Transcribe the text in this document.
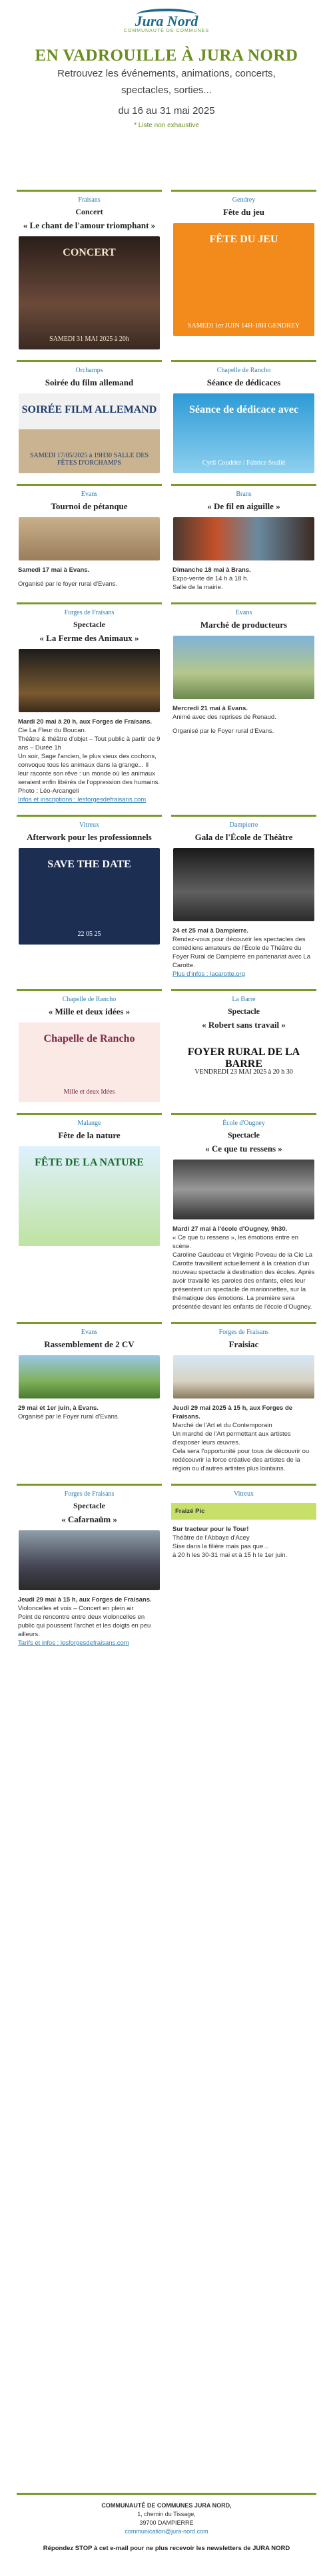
Jura Nord
COMMUNAUTÉ DE COMMUNES
EN VADROUILLE À JURA NORD

Retrouvez les événements, animations, concerts,

spectacles, sorties...

du 16 au 31 mai 2025

* Liste non exhaustive
Fraisans
Concert
« Le chant de l'amour triomphant »
CONCERT
SAMEDI 31 MAI 2025 à 20h
Gendrey
Fête du jeu
FÊTE DU JEU
SAMEDI 1er JUIN 14H-18H GENDREY
Orchamps
Soirée du film allemand
SOIRÉE FILM ALLEMAND
SAMEDI 17/05/2025 à 19H30 SALLE DES FÊTES D'ORCHAMPS
Chapelle de Rancho
Séance de dédicaces
Séance de dédicace avec
Cyril Coudrier / Fabrice Soulié
Evans
Tournoi de pétanque
Samedi 17 mai à Evans.
Organisé par le foyer rural d'Evans.
Brans
« De fil en aiguille »
Dimanche 18 mai à Brans.
Expo-vente de 14 h à 18 h.
Salle de la mairie.
Forges de Fraisans
Spectacle
« La Ferme des Animaux »
Mardi 20 mai à 20 h, aux Forges de Fraisans.
Cie La Fleur du Boucan.
Théâtre & théâtre d'objet – Tout public à partir de 9 ans – Durée 1h
Un soir, Sage l'ancien, le plus vieux des cochons, convoque tous les animaux dans la grange... Il leur raconte son rêve : un monde où les animaux seraient enfin libérés de l'oppression des humains.
Photo : Léo-Arcangeli
Infos et inscriptions : lesforgesdefraisans.com
Evans
Marché de producteurs
Mercredi 21 mai à Evans.
Animé avec des reprises de Renaud.
Organisé par le Foyer rural d'Evans.
Vitreux
Afterwork pour les professionnels
SAVE THE DATE
22 05 25
Dampierre
Gala de l'École de Théâtre
24 et 25 mai à Dampierre.
Rendez-vous pour découvrir les spectacles des comédiens amateurs de l'École de Théâtre du Foyer Rural de Dampierre en partenariat avec La Carotte.
Plus d'infos : lacarotte.org
Chapelle de Rancho
« Mille et deux idées »
Chapelle de Rancho
Mille et deux Idées
La Barre
Spectacle
« Robert sans travail »
FOYER RURAL DE LA BARRE
VENDREDI 23 MAI 2025 à 20 h 30
Malange
Fête de la nature
FÊTE DE LA NATURE
École d'Ougney
Spectacle
« Ce que tu ressens »
Mardi 27 mai à l'école d'Ougney, 9h30.
« Ce que tu ressens », les émotions entre en scène.
Caroline Gaudeau et Virginie Poveau de la Cie La Carotte travaillent actuellement à la création d'un nouveau spectacle à destination des écoles. Après avoir travaillé les paroles des enfants, elles leur présentent un spectacle de marionnettes, sur la thématique des émotions. La première sera présentée devant les enfants de l'école d'Ougney.
Evans
Rassemblement de 2 CV
29 mai et 1er juin, à Evans.
Organisé par le Foyer rural d'Evans.
Forges de Fraisans
Fraisiac
Jeudi 29 mai 2025 à 15 h, aux Forges de Fraisans.
Marché de l'Art et du Contemporain
Un marché de l'Art permettant aux artistes d'exposer leurs œuvres.
Cela sera l'opportunité pour tous de découvrir ou redécouvrir la force créative des artistes de la région ou d'autres artistes plus lointains.
Forges de Fraisans
Spectacle
« Cafarnaüm »
Jeudi 29 mai à 15 h, aux Forges de Fraisans.
Violoncelles et voix – Concert en plein air
Point de rencontre entre deux violoncelles en public qui poussent l'archet et les doigts en peu ailleurs.
Tarifs et infos : lesforgesdefraisans.com
Vitreux
Fraizé Pic
Sur tracteur pour le Tour!
Théâtre de l'Abbaye d'Acey
Sise dans la filière mais pas que...
à 20 h les 30-31 mai et à 15 h le 1er juin.
COMMUNAUTÉ DE COMMUNES JURA NORD,
1, chemin du Tissage,
39700 DAMPIERRE
communication@jura-nord.com
Répondez STOP à cet e-mail pour ne plus recevoir les newsletters de JURA NORD
